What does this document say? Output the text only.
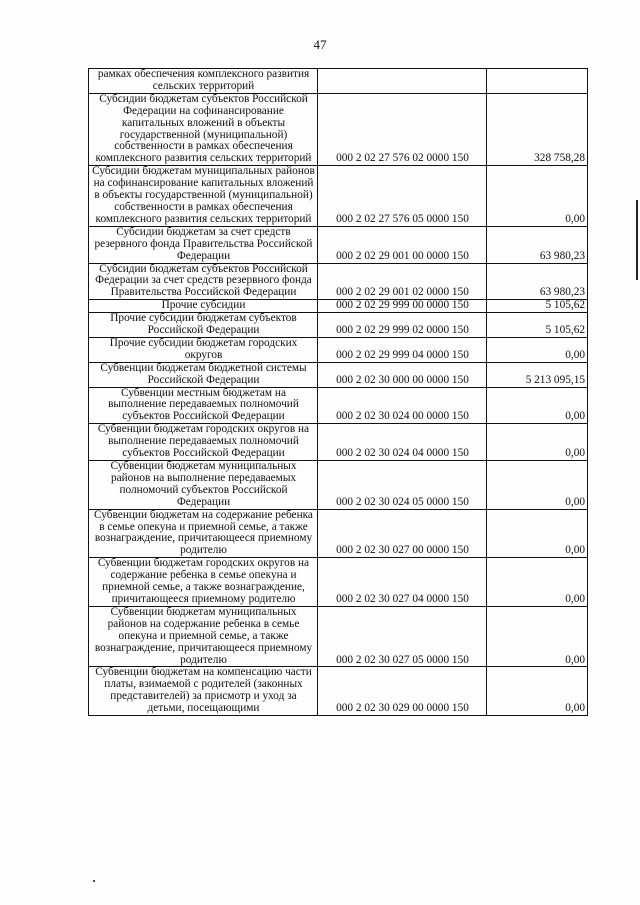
47
рамках обеспечения комплексного развития сельских территорий		
Субсидии бюджетам субъектов Российской Федерации на софинансирование капитальных вложений в объекты государственной (муниципальной) собственности в рамках обеспечения комплексного развития сельских территорий	000 2 02 27 576 02 0000 150	328 758,28
Субсидии бюджетам муниципальных районов на софинансирование капитальных вложений в объекты государственной (муниципальной) собственности в рамках обеспечения комплексного развития сельских территорий	000 2 02 27 576 05 0000 150	0,00
Субсидии бюджетам за счет средств резервного фонда Правительства Российской Федерации	000 2 02 29 001 00 0000 150	63 980,23
Субсидии бюджетам субъектов Российской Федерации за счет средств резервного фонда Правительства Российской Федерации	000 2 02 29 001 02 0000 150	63 980,23
Прочие субсидии	000 2 02 29 999 00 0000 150	5 105,62
Прочие субсидии бюджетам субъектов Российской Федерации	000 2 02 29 999 02 0000 150	5 105,62
Прочие субсидии бюджетам городских округов	000 2 02 29 999 04 0000 150	0,00
Субвенции бюджетам бюджетной системы Российской Федерации	000 2 02 30 000 00 0000 150	5 213 095,15
Субвенции местным бюджетам на выполнение передаваемых полномочий субъектов Российской Федерации	000 2 02 30 024 00 0000 150	0,00
Субвенции бюджетам городских округов на выполнение передаваемых полномочий субъектов Российской Федерации	000 2 02 30 024 04 0000 150	0,00
Субвенции бюджетам муниципальных районов на выполнение передаваемых полномочий субъектов Российской Федерации	000 2 02 30 024 05 0000 150	0,00
Субвенции бюджетам на содержание ребенка в семье опекуна и приемной семье, а также вознаграждение, причитающееся приемному родителю	000 2 02 30 027 00 0000 150	0,00
Субвенции бюджетам городских округов на содержание ребенка в семье опекуна и приемной семье, а также вознаграждение, причитающееся приемному родителю	000 2 02 30 027 04 0000 150	0,00
Субвенции бюджетам муниципальных районов на содержание ребенка в семье опекуна и приемной семье, а также вознаграждение, причитающееся приемному родителю	000 2 02 30 027 05 0000 150	0,00
Субвенции бюджетам на компенсацию части платы, взимаемой с родителей (законных представителей) за присмотр и уход за детьми, посещающими	000 2 02 30 029 00 0000 150	0,00
